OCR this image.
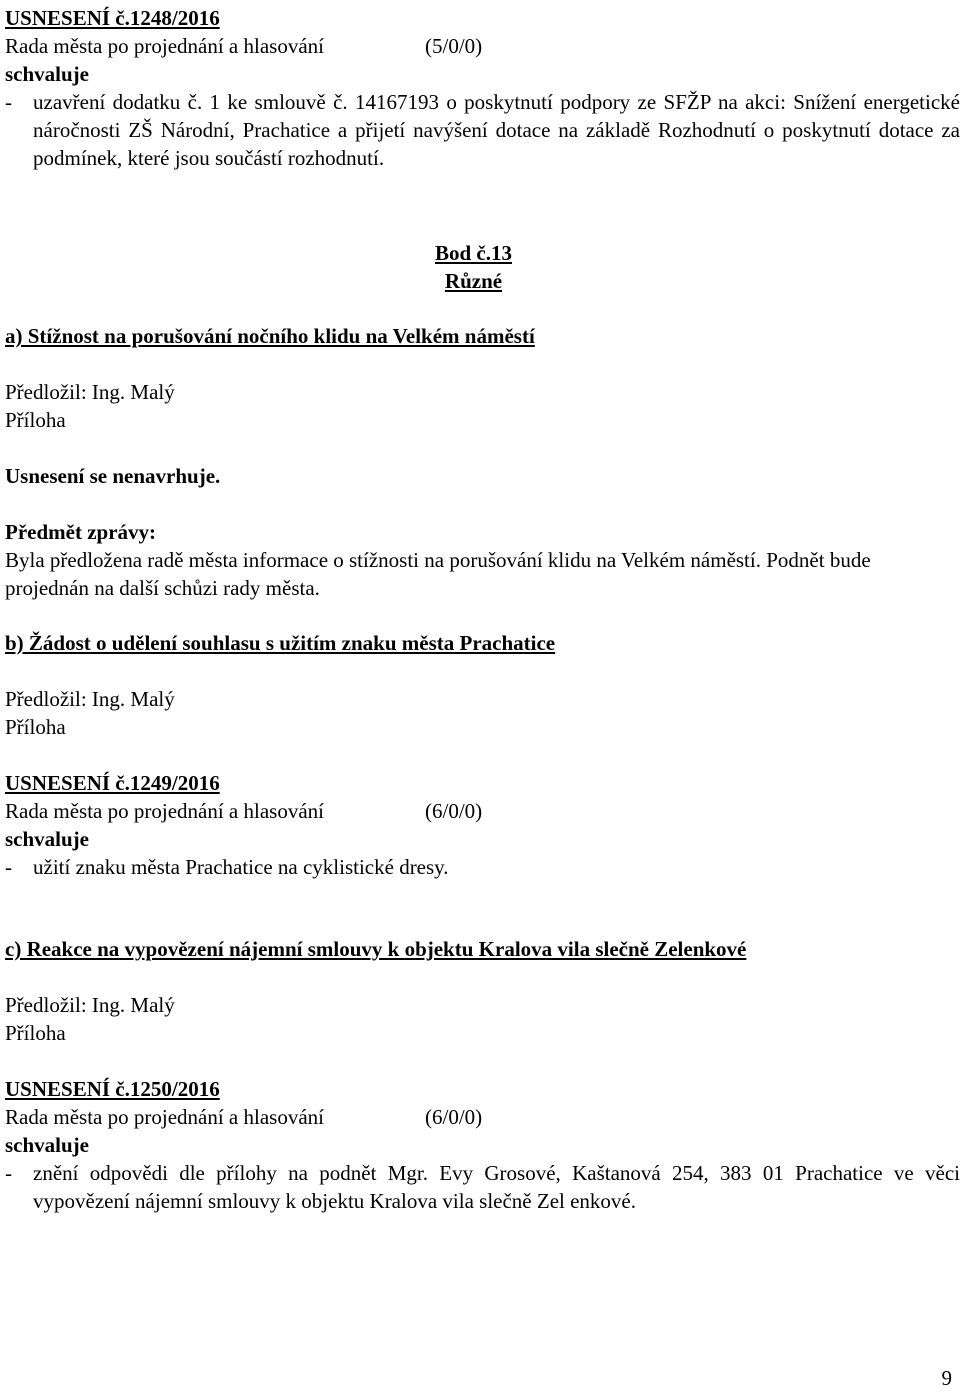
USNESENÍ č.1248/2016
Rada města po projednání a hlasování	(5/0/0)
schvaluje
-	uzavření dodatku č. 1 ke smlouvě č. 14167193 o poskytnutí podpory ze SFŽP na akci: Snížení energetické náročnosti ZŠ Národní, Prachatice a přijetí navýšení dotace na základě Rozhodnutí o poskytnutí dotace za podmínek, které jsou součástí rozhodnutí.
Bod č.13
Různé
a) Stížnost na porušování nočního klidu na Velkém náměstí
Předložil: Ing. Malý
Příloha
Usnesení se nenavrhuje.
Předmět zprávy:
Byla předložena radě města informace o stížnosti na porušování klidu na Velkém náměstí. Podnět bude projednán na další schůzi rady města.
b) Žádost o udělení souhlasu s užitím znaku města Prachatice
Předložil: Ing. Malý
Příloha
USNESENÍ č.1249/2016
Rada města po projednání a hlasování	(6/0/0)
schvaluje
-	užití znaku města Prachatice na cyklistické dresy.
c) Reakce na vypovězení nájemní smlouvy k objektu Kralova vila slečně Zelenkové
Předložil: Ing. Malý
Příloha
USNESENÍ č.1250/2016
Rada města po projednání a hlasování	(6/0/0)
schvaluje
-	znění odpovědi dle přílohy na podnět Mgr. Evy Grosové, Kaštanová 254, 383 01 Prachatice ve věci vypovězení nájemní smlouvy k objektu Kralova vila slečně Zel enkové.
9
